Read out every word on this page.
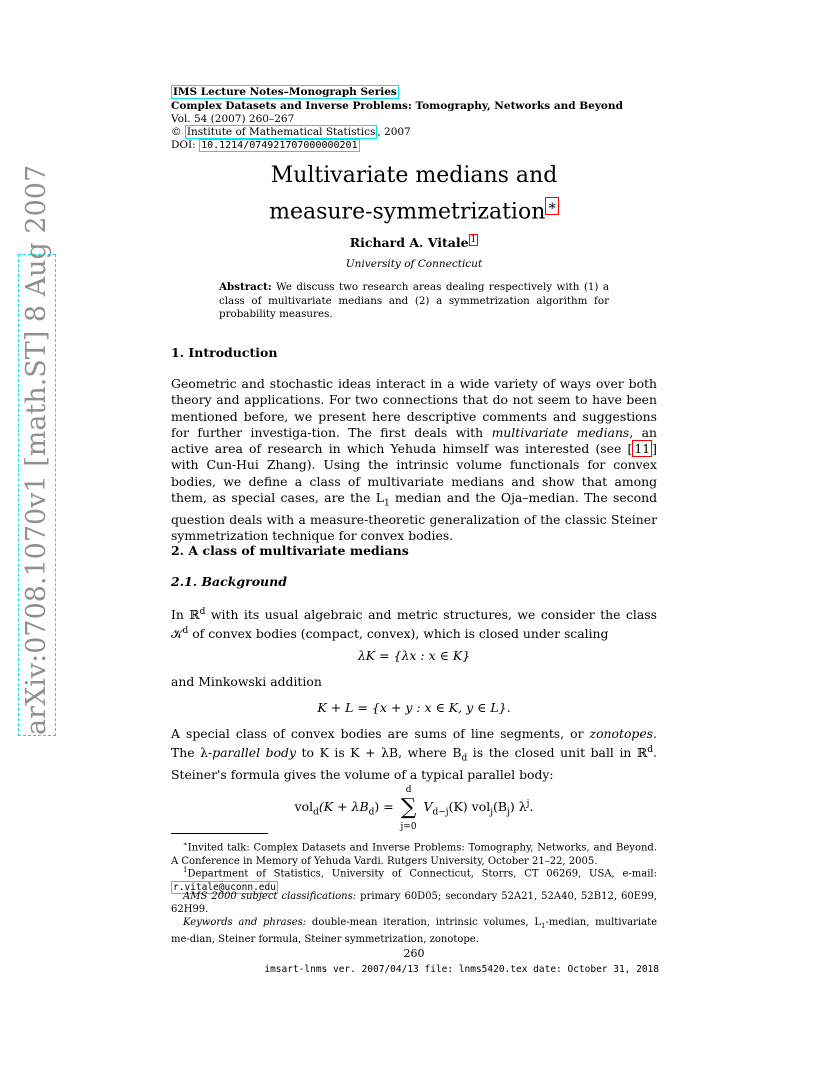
arXiv:0708.1070v1 [math.ST] 8 Aug 2007
IMS Lecture Notes–Monograph Series
Complex Datasets and Inverse Problems: Tomography, Networks and Beyond
Vol. 54 (2007) 260–267
© Institute of Mathematical Statistics , 2007
DOI: 10.1214/074921707000000201
Multivariate medians and
measure-symmetrization ∗
Richard A. Vitale $^1$
University of Connecticut
Abstract: We discuss two research areas dealing respectively with (1) a class of multivariate medians and (2) a symmetrization algorithm for probability measures.
1. Introduction
Geometric and stochastic ideas interact in a wide variety of ways over both theory and applications. For two connections that do not seem to have been mentioned before, we present here descriptive comments and suggestions for further investiga-tion. The first deals with multivariate medians, an active area of research in which Yehuda himself was interested (see [ 11 ] with Cun-Hui Zhang). Using the intrinsic volume functionals for convex bodies, we define a class of multivariate medians and show that among them, as special cases, are the $L_1$ median and the Oja–median. The second question deals with a measure-theoretic generalization of the classic Steiner symmetrization technique for convex bodies.
2. A class of multivariate medians
2.1. Background
In ℝ$^d$ with its usual algebraic and metric structures, we consider the class 𝒦$^d$ of convex bodies (compact, convex), which is closed under scaling
λK = {λx : x ∈ K}
and Minkowski addition
K + L = {x + y : x ∈ K, y ∈ L}.
A special class of convex bodies are sums of line segments, or zonotopes. The λ-parallel body to K is K + λB, where $B_d$ is the closed unit ball in ℝ$^d$. Steiner's formula gives the volume of a typical parallel body:
$vol_d(K + \lambda B_d)$ = ∑
d
j=0
$V_{d-j}(K)$ $vol_j(B_j)$ $\lambda^j$.
∗Invited talk: Complex Datasets and Inverse Problems: Tomography, Networks, and Beyond. A Conference in Memory of Yehuda Vardi. Rutgers University, October 21–22, 2005.
$^1$Department of Statistics, University of Connecticut, Storrs, CT 06269, USA, e-mail: r.vitale@uconn.edu
AMS 2000 subject classifications: primary 60D05; secondary 52A21, 52A40, 52B12, 60E99, 62H99.
Keywords and phrases: double-mean iteration, intrinsic volumes, $L_1$-median, multivariate me-dian, Steiner formula, Steiner symmetrization, zonotope.
260
imsart-lnms ver. 2007/04/13 file: lnms5420.tex date: October 31, 2018
